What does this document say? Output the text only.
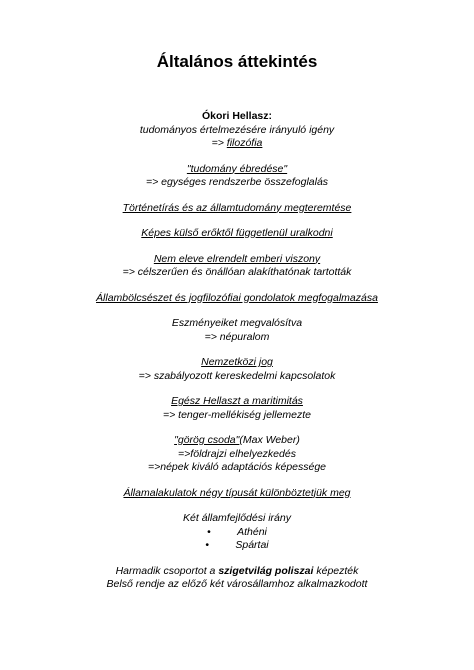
Általános áttekintés
Ókori Hellasz:
tudományos értelmezésére irányuló igény
=> filozófia
"tudomány ébredése"
=> egységes rendszerbe összefoglalás
Történetírás és az államtudomány megteremtése
Képes külső erőktől függetlenül uralkodni
Nem eleve elrendelt emberi viszony
=> célszerűen és önállóan alakíthatónak tartották
Állambölcsészet és jogfilozófiai gondolatok megfogalmazása
Eszményeiket megvalósítva
=> népuralom
Nemzetközi jog
=> szabályozott kereskedelmi kapcsolatok
Egész Hellaszt a maritimitás
=> tenger-mellékiség jellemezte
"görög csoda"(Max Weber)
=>földrajzi elhelyezkedés
=>népek kiváló adaptációs képessége
Államalakulatok négy típusát különböztetjük meg
Két államfejlődési irány
•	Athéni
•	Spártai
Harmadik csoportot a szigetvilág poliszai képezték
Belső rendje az előző két városállamhoz alkalmazkodott
